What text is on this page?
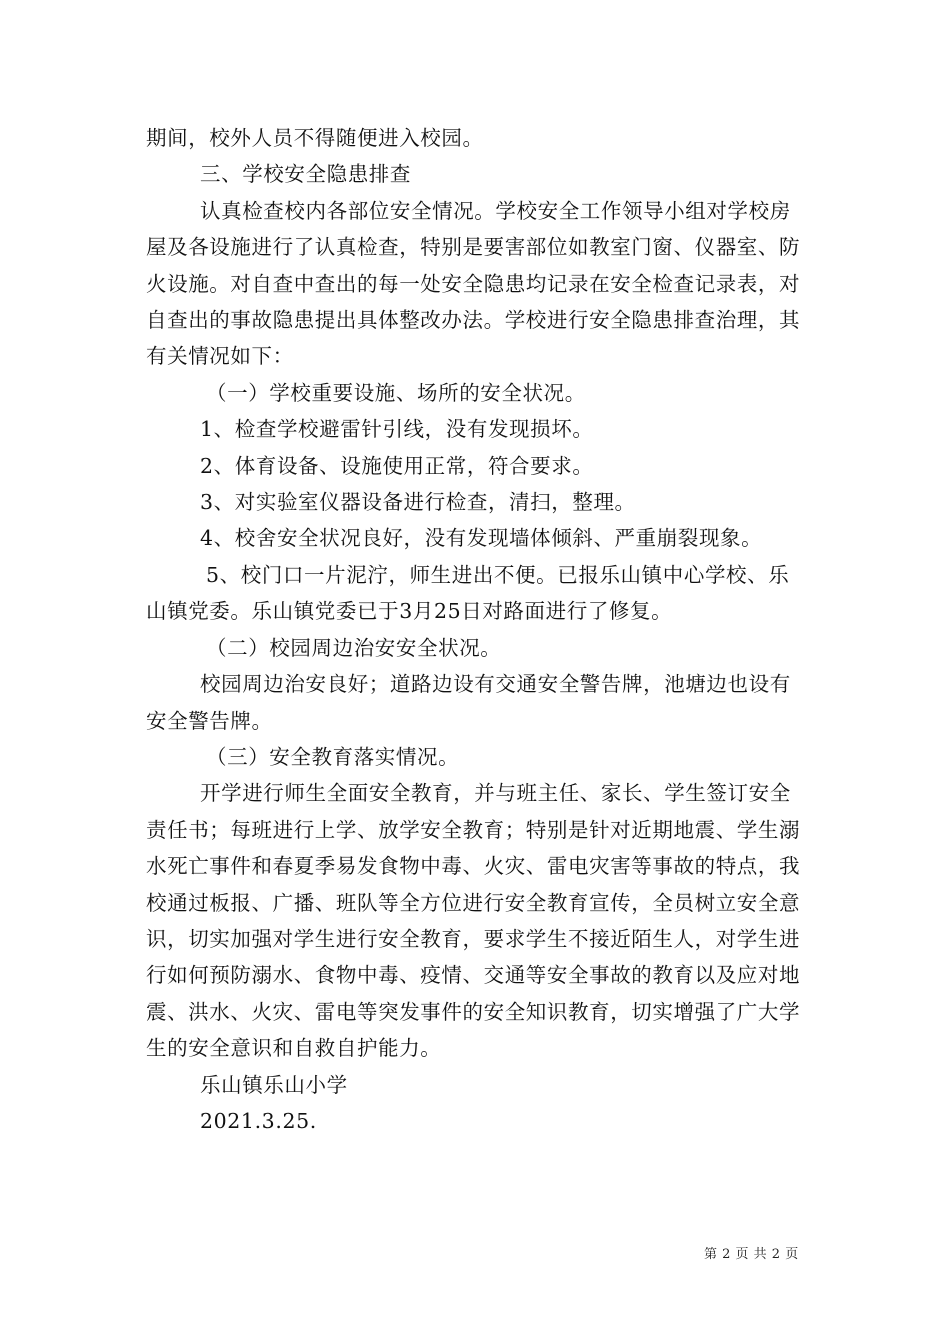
期间，校外人员不得随便进入校园。

三、学校安全隐患排查

认真检查校内各部位安全情况。学校安全工作领导小组对学校房屋及各设施进行了认真检查，特别是要害部位如教室门窗、仪器室、防火设施。对自查中查出的每一处安全隐患均记录在安全检查记录表，对自查出的事故隐患提出具体整改办法。学校进行安全隐患排查治理，其有关情况如下：

（一）学校重要设施、场所的安全状况。

1、检查学校避雷针引线，没有发现损坏。

2、体育设备、设施使用正常，符合要求。

3、对实验室仪器设备进行检查，清扫，整理。

4、校舍安全状况良好，没有发现墙体倾斜、严重崩裂现象。

5、校门口一片泥泞，师生进出不便。已报乐山镇中心学校、乐山镇党委。乐山镇党委已于3月25日对路面进行了修复。

（二）校园周边治安安全状况。

校园周边治安良好；道路边设有交通安全警告牌，池塘边也设有安全警告牌。

（三）安全教育落实情况。

开学进行师生全面安全教育，并与班主任、家长、学生签订安全责任书；每班进行上学、放学安全教育；特别是针对近期地震、学生溺水死亡事件和春夏季易发食物中毒、火灾、雷电灾害等事故的特点，我校通过板报、广播、班队等全方位进行安全教育宣传，全员树立安全意识，切实加强对学生进行安全教育，要求学生不接近陌生人，对学生进行如何预防溺水、食物中毒、疫情、交通等安全事故的教育以及应对地震、洪水、火灾、雷电等突发事件的安全知识教育，切实增强了广大学生的安全意识和自救自护能力。

乐山镇乐山小学

2021.3.25.

第 2 页 共 2 页
